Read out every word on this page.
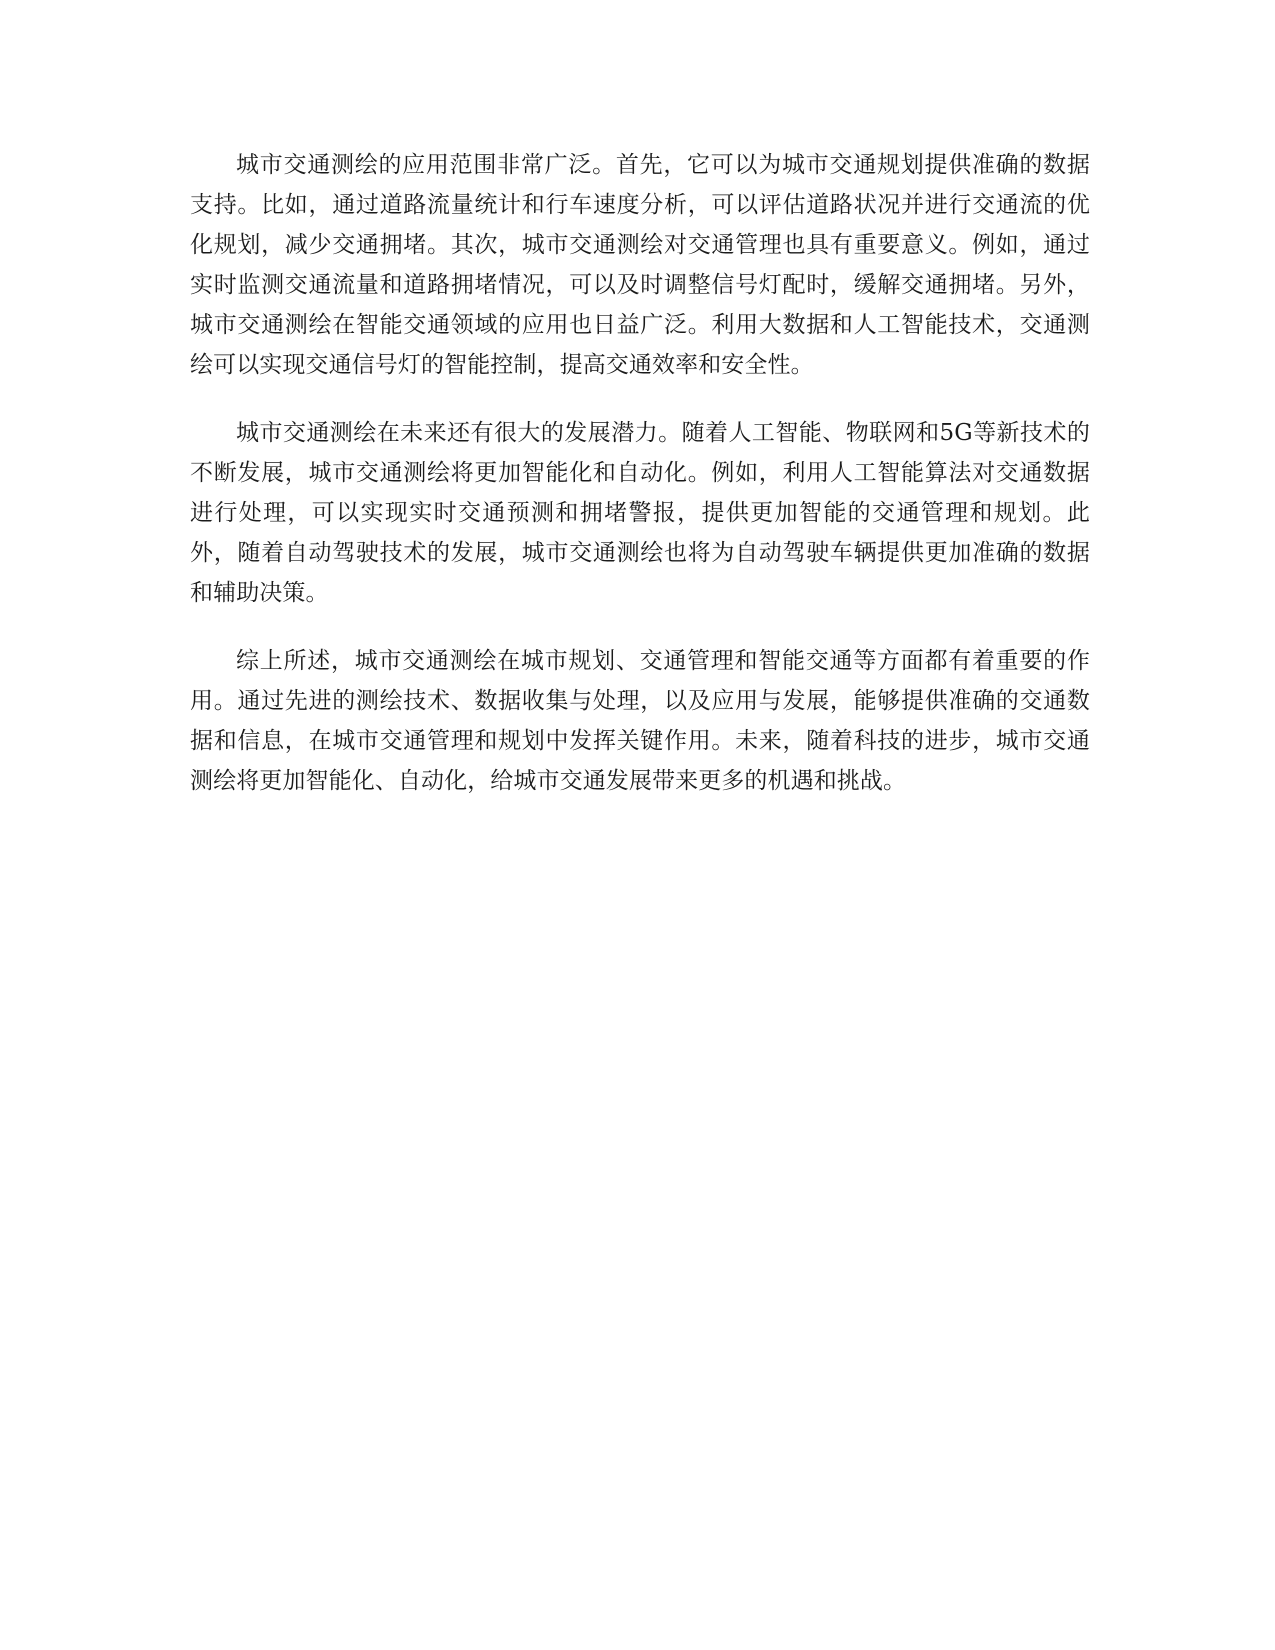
城市交通测绘的应用范围非常广泛。首先，它可以为城市交通规划提供准确的数据支持。比如，通过道路流量统计和行车速度分析，可以评估道路状况并进行交通流的优化规划，减少交通拥堵。其次，城市交通测绘对交通管理也具有重要意义。例如，通过实时监测交通流量和道路拥堵情况，可以及时调整信号灯配时，缓解交通拥堵。另外，城市交通测绘在智能交通领域的应用也日益广泛。利用大数据和人工智能技术，交通测绘可以实现交通信号灯的智能控制，提高交通效率和安全性。

城市交通测绘在未来还有很大的发展潜力。随着人工智能、物联网和5G等新技术的不断发展，城市交通测绘将更加智能化和自动化。例如，利用人工智能算法对交通数据进行处理，可以实现实时交通预测和拥堵警报，提供更加智能的交通管理和规划。此外，随着自动驾驶技术的发展，城市交通测绘也将为自动驾驶车辆提供更加准确的数据和辅助决策。

综上所述，城市交通测绘在城市规划、交通管理和智能交通等方面都有着重要的作用。通过先进的测绘技术、数据收集与处理，以及应用与发展，能够提供准确的交通数据和信息，在城市交通管理和规划中发挥关键作用。未来，随着科技的进步，城市交通测绘将更加智能化、自动化，给城市交通发展带来更多的机遇和挑战。
